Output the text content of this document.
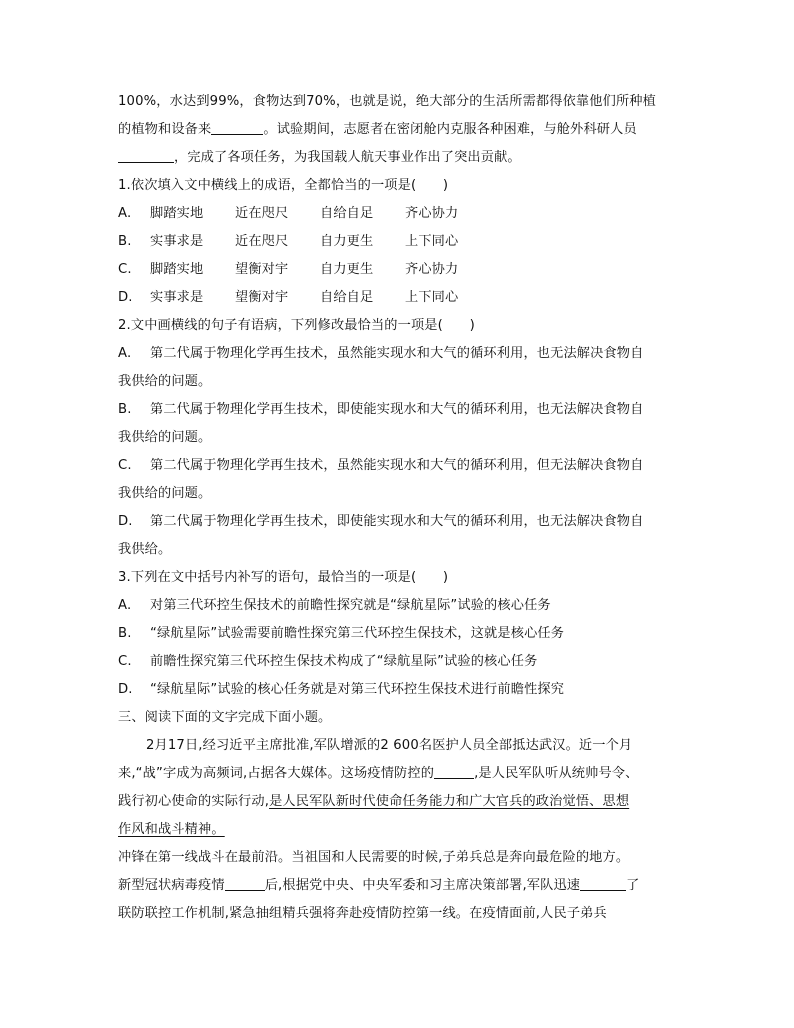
100%，水达到99%，食物达到70%，也就是说，绝大部分的生活所需都得依靠他们所种植
的植物和设备来	。试验期间，志愿者在密闭舱内克服各种困难，与舱外科研人员
，完成了各项任务，为我国载人航天事业作出了突出贡献。
1.依次填入文中横线上的成语，全都恰当的一项是(　　)
A. 脚踏实地 近在咫尺 自给自足 齐心协力
B. 实事求是 近在咫尺 自力更生 上下同心
C. 脚踏实地 望衡对宇 自力更生 齐心协力
D. 实事求是 望衡对宇 自给自足 上下同心
2.文中画横线的句子有语病，下列修改最恰当的一项是(　　)
A. 第二代属于物理化学再生技术，虽然能实现水和大气的循环利用，也无法解决食物自
我供给的问题。
B. 第二代属于物理化学再生技术，即使能实现水和大气的循环利用，也无法解决食物自
我供给的问题。
C. 第二代属于物理化学再生技术，虽然能实现水和大气的循环利用，但无法解决食物自
我供给的问题。
D. 第二代属于物理化学再生技术，即使能实现水和大气的循环利用，也无法解决食物自
我供给。
3.下列在文中括号内补写的语句，最恰当的一项是(　　)
A. 对第三代环控生保技术的前瞻性探究就是“绿航星际”试验的核心任务
B. “绿航星际”试验需要前瞻性探究第三代环控生保技术，这就是核心任务
C. 前瞻性探究第三代环控生保技术构成了“绿航星际”试验的核心任务
D. “绿航星际”试验的核心任务就是对第三代环控生保技术进行前瞻性探究
三、阅读下面的文字完成下面小题。
2月17日,经习近平主席批准,军队增派的2 600名医护人员全部抵达武汉。近一个月
来,“战”字成为高频词,占据各大媒体。这场疫情防控的	,是人民军队听从统帅号令、
践行初心使命的实际行动,是人民军队新时代使命任务能力和广大官兵的政治觉悟、思想
作风和战斗精神。
冲锋在第一线战斗在最前沿。当祖国和人民需要的时候,子弟兵总是奔向最危险的地方。
新型冠状病毒疫情	后,根据党中央、中央军委和习主席决策部署,军队迅速	了
联防联控工作机制,紧急抽组精兵强将奔赴疫情防控第一线。在疫情面前,人民子弟兵
